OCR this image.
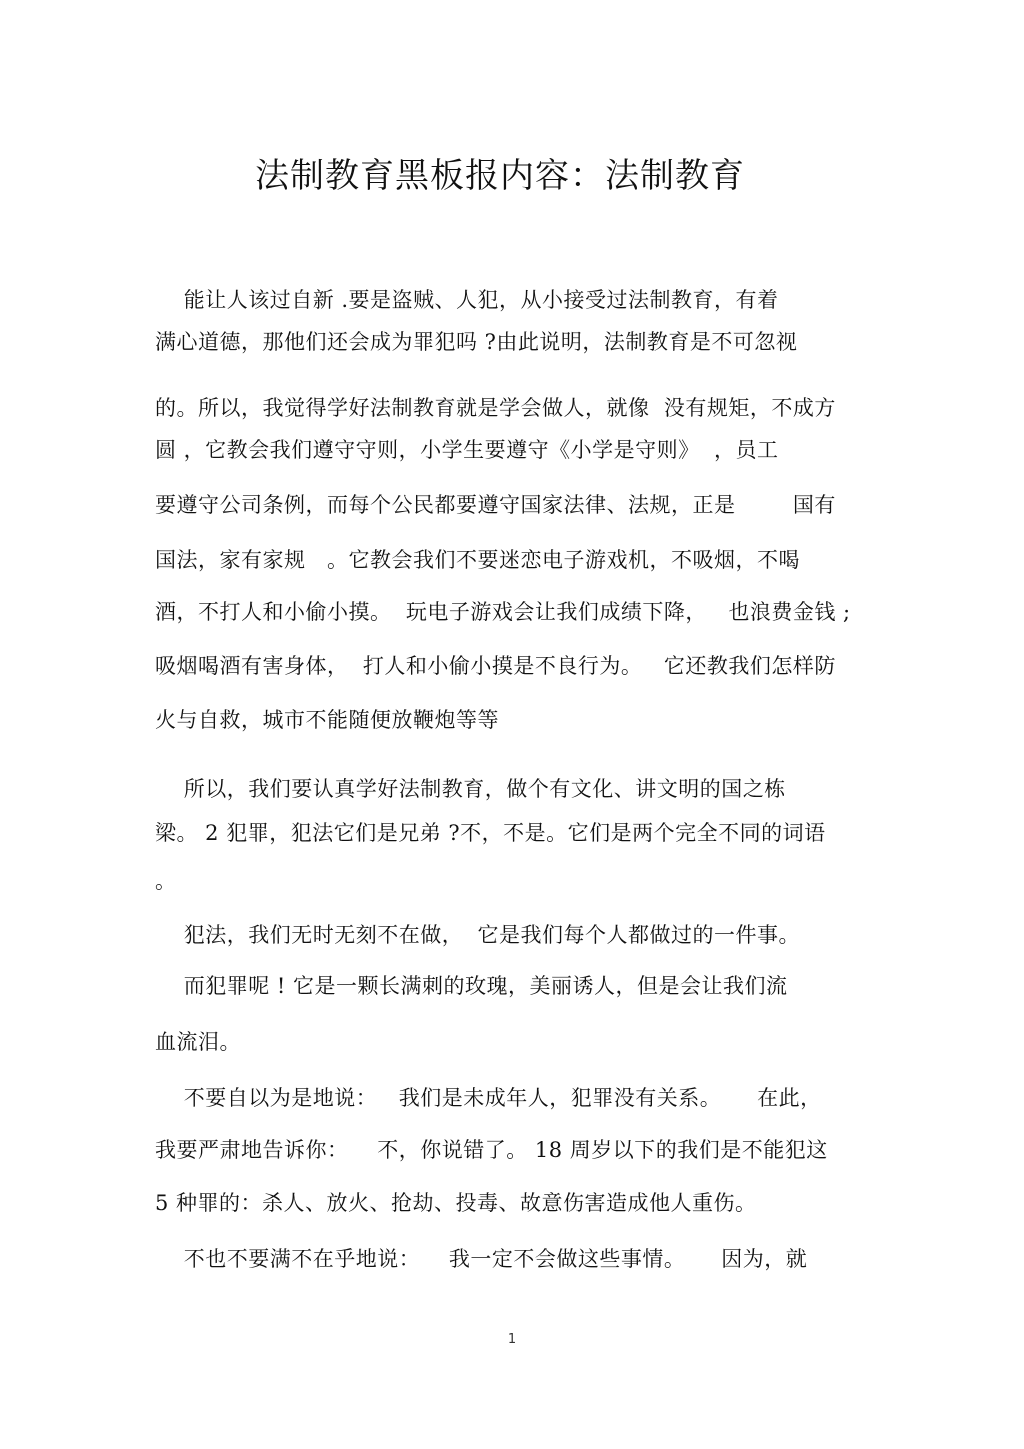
法制教育黑板报内容：法制教育
能让人该过自新 .要是盗贼、人犯，从小接受过法制教育，有着
满心道德，那他们还会成为罪犯吗 ?由此说明，法制教育是不可忽视
的。所以，我觉得学好法制教育就是学会做人，就像  没有规矩，不成方
圆 ，它教会我们遵守守则，小学生要遵守《小学是守则》  ，员工
要遵守公司条例，而每个公民都要遵守国家法律、法规，正是        国有
国法，家有家规   。它教会我们不要迷恋电子游戏机，不吸烟，不喝
酒，不打人和小偷小摸。  玩电子游戏会让我们成绩下降，   也浪费金钱 ;
吸烟喝酒有害身体，  打人和小偷小摸是不良行为。   它还教我们怎样防
火与自救，城市不能随便放鞭炮等等
所以，我们要认真学好法制教育，做个有文化、讲文明的国之栋
梁。 2 犯罪，犯法它们是兄弟 ?不，不是。它们是两个完全不同的词语
。
犯法，我们无时无刻不在做，  它是我们每个人都做过的一件事。
而犯罪呢 ! 它是一颗长满刺的玫瑰，美丽诱人，但是会让我们流
血流泪。
不要自以为是地说：   我们是未成年人，犯罪没有关系。     在此，
我要严肃地告诉你：    不，你说错了。 18 周岁以下的我们是不能犯这
5 种罪的：杀人、放火、抢劫、投毒、故意伤害造成他人重伤。
不也不要满不在乎地说：    我一定不会做这些事情。     因为，就
1
